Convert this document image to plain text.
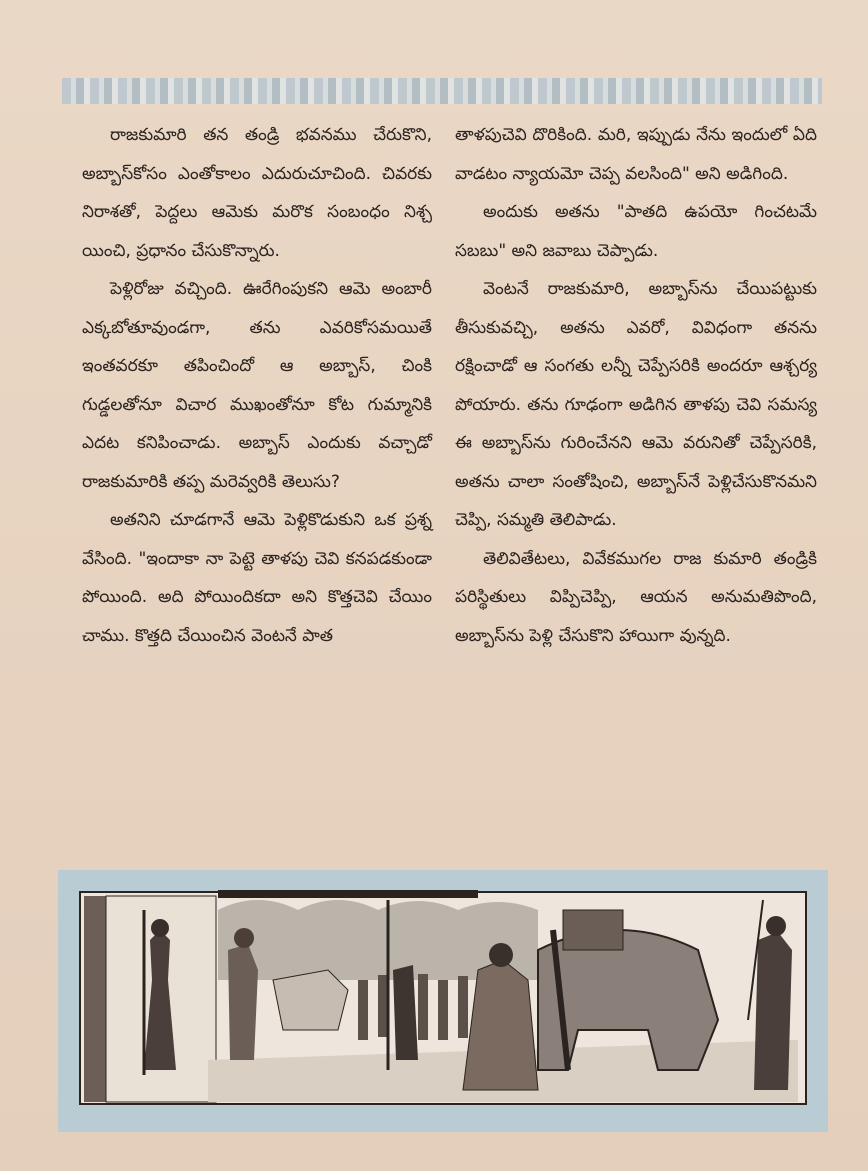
రాజకుమారి తన తండ్రి భవనము చేరుకొని, అబ్బాస్‌కోసం ఎంతోకాలం ఎదురుచూచింది. చివరకు నిరాశతో, పెద్దలు ఆమెకు మరొక సంబంధం నిశ్చ యించి, ప్రధానం చేసుకొన్నారు.

పెళ్లిరోజు వచ్చింది. ఊరేగింపుకని ఆమె అంబారీ ఎక్కబోతూవుండగా, తను ఎవరికోసమయితే ఇంతవరకూ తపించిందో ఆ అబ్బాస్, చింకి గుడ్డలతోనూ విచార ముఖంతోనూ కోట గుమ్మానికి ఎదట కనిపించాడు. అబ్బాస్ ఎందుకు వచ్చాడో రాజకుమారికి తప్ప మరెవ్వరికి తెలుసు?

అతనిని చూడగానే ఆమె పెళ్లికొడుకుని ఒక ప్రశ్న వేసింది. "ఇందాకా నా పెట్టె తాళపు చెవి కనపడకుండా పోయింది. అది పోయిందికదా అని కొత్తచెవి చేయిం చాము. కొత్తది చేయించిన వెంటనే పాత

తాళపుచెవి దొరికింది. మరి, ఇప్పుడు నేను ఇందులో ఏది వాడటం న్యాయమో చెప్ప వలసింది" అని అడిగింది.

అందుకు అతను "పాతది ఉపయో గించటమే సబబు" అని జవాబు చెప్పాడు.

వెంటనే రాజకుమారి, అబ్బాస్‌ను చేయిపట్టుకు తీసుకువచ్చి, అతను ఎవరో, వివిధంగా తనను రక్షించాడో ఆ సంగతు లన్నీ చెప్పేసరికి అందరూ ఆశ్చర్య పోయారు. తను గూఢంగా అడిగిన తాళపు చెవి సమస్య ఈ అబ్బాస్‌ను గురించేనని ఆమె వరునితో చెప్పేసరికి, అతను చాలా సంతోషించి, అబ్బాస్‌నే పెళ్లిచేసుకొనమని చెప్పి, సమ్మతి తెలిపాడు.

తెలివితేటలు, వివేకముగల రాజ కుమారి తండ్రికి పరిస్థితులు విప్పిచెప్పి, ఆయన అనుమతిపొంది, అబ్బాస్‌ను పెళ్లి చేసుకొని హాయిగా వున్నది.
